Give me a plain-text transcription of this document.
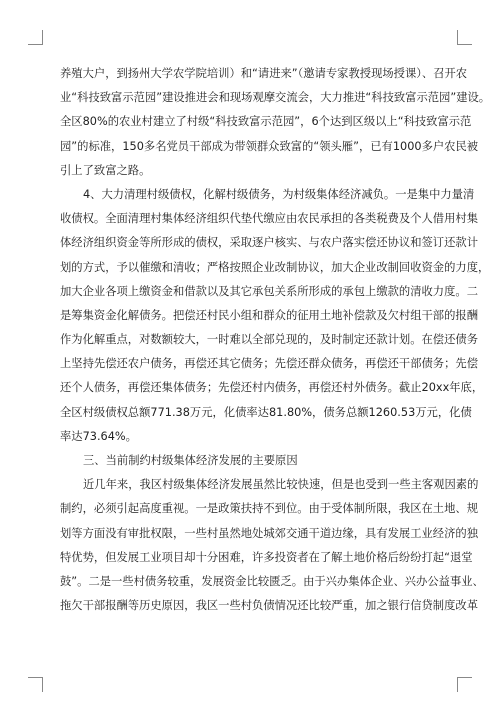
养殖大户，到扬州大学农学院培训）和“请进来”（邀请专家教授现场授课）、召开农
业“科技致富示范园”建设推进会和现场观摩交流会，大力推进“科技致富示范园”建设。
全区80%的农业村建立了村级“科技致富示范园”，6个达到区级以上“科技致富示范
园”的标准，150多名党员干部成为带领群众致富的“领头雁”，已有1000多户农民被
引上了致富之路。
4、大力清理村级债权，化解村级债务，为村级集体经济减负。一是集中力量清
收债权。全面清理村集体经济组织代垫代缴应由农民承担的各类税费及个人借用村集
体经济组织资金等所形成的债权，采取逐户核实、与农户落实偿还协议和签订还款计
划的方式，予以催缴和清收；严格按照企业改制协议，加大企业改制回收资金的力度，
加大企业各项上缴资金和借款以及其它承包关系所形成的承包上缴款的清收力度。二
是筹集资金化解债务。把偿还村民小组和群众的征用土地补偿款及欠村组干部的报酬
作为化解重点，对数额较大，一时难以全部兑现的，及时制定还款计划。在偿还债务
上坚持先偿还农户债务，再偿还其它债务；先偿还群众债务，再偿还干部债务；先偿
还个人债务，再偿还集体债务；先偿还村内债务，再偿还村外债务。截止20xx年底，
全区村级债权总额771.38万元，化债率达81.80%，债务总额1260.53万元，化债
率达73.64%。
三、当前制约村级集体经济发展的主要原因
近几年来，我区村级集体经济发展虽然比较快速，但是也受到一些主客观因素的
制约，必须引起高度重视。一是政策扶持不到位。由于受体制所限，我区在土地、规
划等方面没有审批权限，一些村虽然地处城郊交通干道边缘，具有发展工业经济的独
特优势，但发展工业项目却十分困难，许多投资者在了解土地价格后纷纷打起“退堂
鼓”。二是一些村债务较重，发展资金比较匮乏。由于兴办集体企业、兴办公益事业、
拖欠干部报酬等历史原因，我区一些村负债情况还比较严重，加之银行信贷制度改革
